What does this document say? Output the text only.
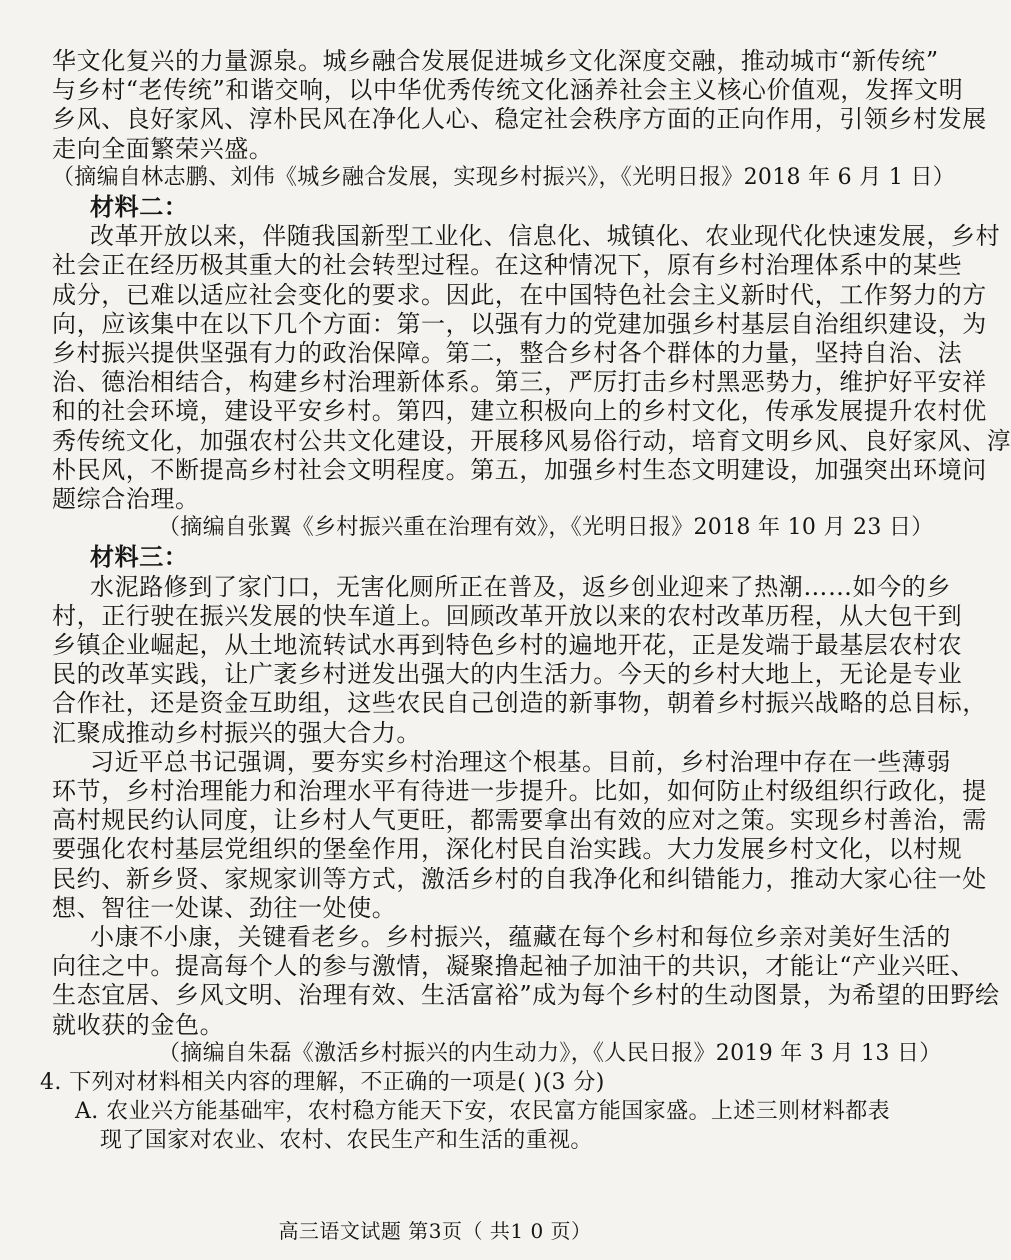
华文化复兴的力量源泉。城乡融合发展促进城乡文化深度交融，推动城市“新传统”
与乡村“老传统”和谐交响，以中华优秀传统文化涵养社会主义核心价值观，发挥文明
乡风、良好家风、淳朴民风在净化人心、稳定社会秩序方面的正向作用，引领乡村发展
走向全面繁荣兴盛。
（摘编自林志鹏、刘伟《城乡融合发展，实现乡村振兴》，《光明日报》2018 年 6 月 1 日）
材料二：
改革开放以来，伴随我国新型工业化、信息化、城镇化、农业现代化快速发展，乡村
社会正在经历极其重大的社会转型过程。在这种情况下，原有乡村治理体系中的某些
成分，已难以适应社会变化的要求。因此，在中国特色社会主义新时代，工作努力的方
向，应该集中在以下几个方面：第一，以强有力的党建加强乡村基层自治组织建设，为
乡村振兴提供坚强有力的政治保障。第二，整合乡村各个群体的力量，坚持自治、法
治、德治相结合，构建乡村治理新体系。第三，严厉打击乡村黑恶势力，维护好平安祥
和的社会环境，建设平安乡村。第四，建立积极向上的乡村文化，传承发展提升农村优
秀传统文化，加强农村公共文化建设，开展移风易俗行动，培育文明乡风、良好家风、淳
朴民风，不断提高乡村社会文明程度。第五，加强乡村生态文明建设，加强突出环境问
题综合治理。
（摘编自张翼《乡村振兴重在治理有效》，《光明日报》2018 年 10 月 23 日）
材料三：
水泥路修到了家门口，无害化厕所正在普及，返乡创业迎来了热潮……如今的乡
村，正行驶在振兴发展的快车道上。回顾改革开放以来的农村改革历程，从大包干到
乡镇企业崛起，从土地流转试水再到特色乡村的遍地开花，正是发端于最基层农村农
民的改革实践，让广袤乡村迸发出强大的内生活力。今天的乡村大地上，无论是专业
合作社，还是资金互助组，这些农民自己创造的新事物，朝着乡村振兴战略的总目标，
汇聚成推动乡村振兴的强大合力。
习近平总书记强调，要夯实乡村治理这个根基。目前，乡村治理中存在一些薄弱
环节，乡村治理能力和治理水平有待进一步提升。比如，如何防止村级组织行政化，提
高村规民约认同度，让乡村人气更旺，都需要拿出有效的应对之策。实现乡村善治，需
要强化农村基层党组织的堡垒作用，深化村民自治实践。大力发展乡村文化，以村规
民约、新乡贤、家规家训等方式，激活乡村的自我净化和纠错能力，推动大家心往一处
想、智往一处谋、劲往一处使。
小康不小康，关键看老乡。乡村振兴，蕴藏在每个乡村和每位乡亲对美好生活的
向往之中。提高每个人的参与激情，凝聚撸起袖子加油干的共识，才能让“产业兴旺、
生态宜居、乡风文明、治理有效、生活富裕”成为每个乡村的生动图景，为希望的田野绘
就收获的金色。
（摘编自朱磊《激活乡村振兴的内生动力》，《人民日报》2019 年 3 月 13 日）
4. 下列对材料相关内容的理解，不正确的一项是( )(3 分)
A. 农业兴方能基础牢，农村稳方能天下安，农民富方能国家盛。上述三则材料都表
现了国家对农业、农村、农民生产和生活的重视。
高三语文试题 第3页（ 共1 0 页）
